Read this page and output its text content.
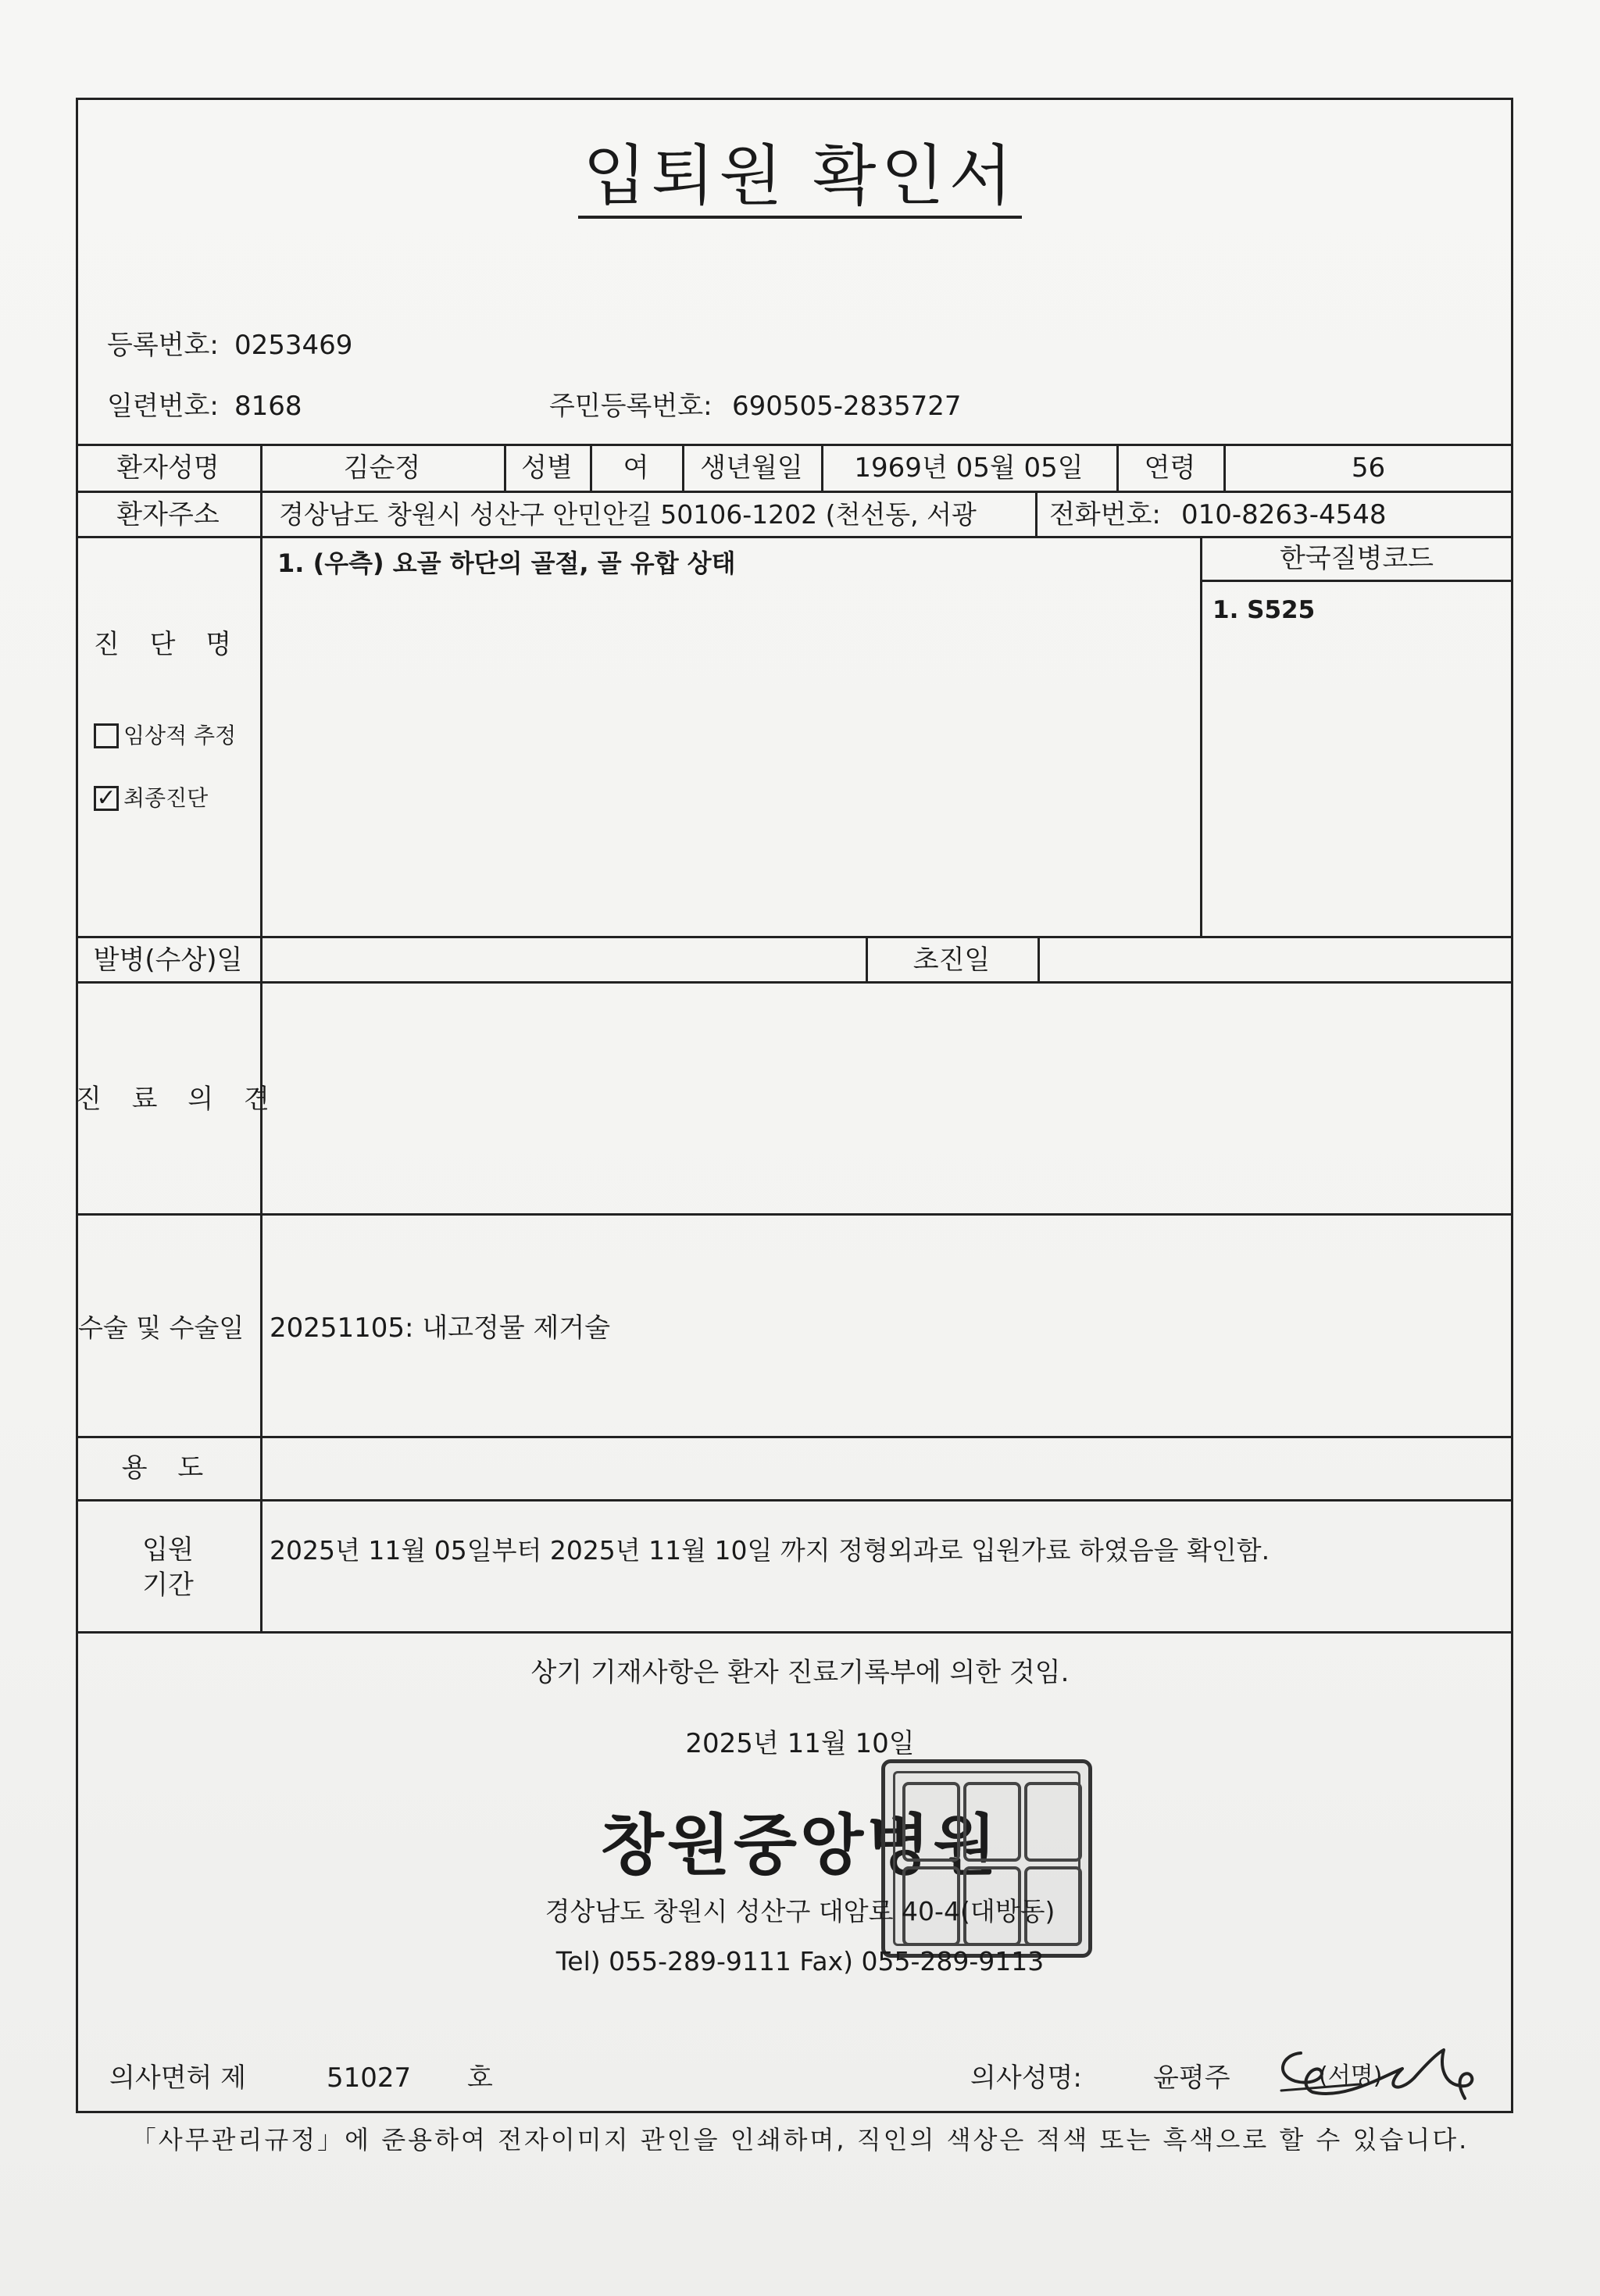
입퇴원 확인서
등록번호: 0253469
일련번호: 8168	주민등록번호: 690505-2835727
환자성명	김순정	성별	여	생년월일	1969년 05월 05일	연령	56
환자주소	경상남도 창원시 성산구 안민안길 50106-1202 (천선동, 서광	전화번호: 010-8263-4548
진 단 명
임상적 추정
✓ 최종진단
1. (우측) 요골 하단의 골절, 골 유합 상태	한국질병코드
1. S525
발병(수상)일	초진일
진 료 의 견
수술 및 수술일 20251105: 내고정물 제거술
용 도
입원
기간
2025년 11월 05일부터 2025년 11월 10일 까지 정형외과로 입원가료 하였음을 확인함.
상기 기재사항은 환자 진료기록부에 의한 것임.
2025년 11월 10일
창원중앙병원
경상남도 창원시 성산구 대암로 40-4(대방동)
Tel) 055-289-9111 Fax) 055-289-9113
의사면허 제	51027 호	의사성명:	윤평주	(서명)
「사무관리규정」에 준용하여 전자이미지 관인을 인쇄하며, 직인의 색상은 적색 또는 흑색으로 할 수 있습니다.
